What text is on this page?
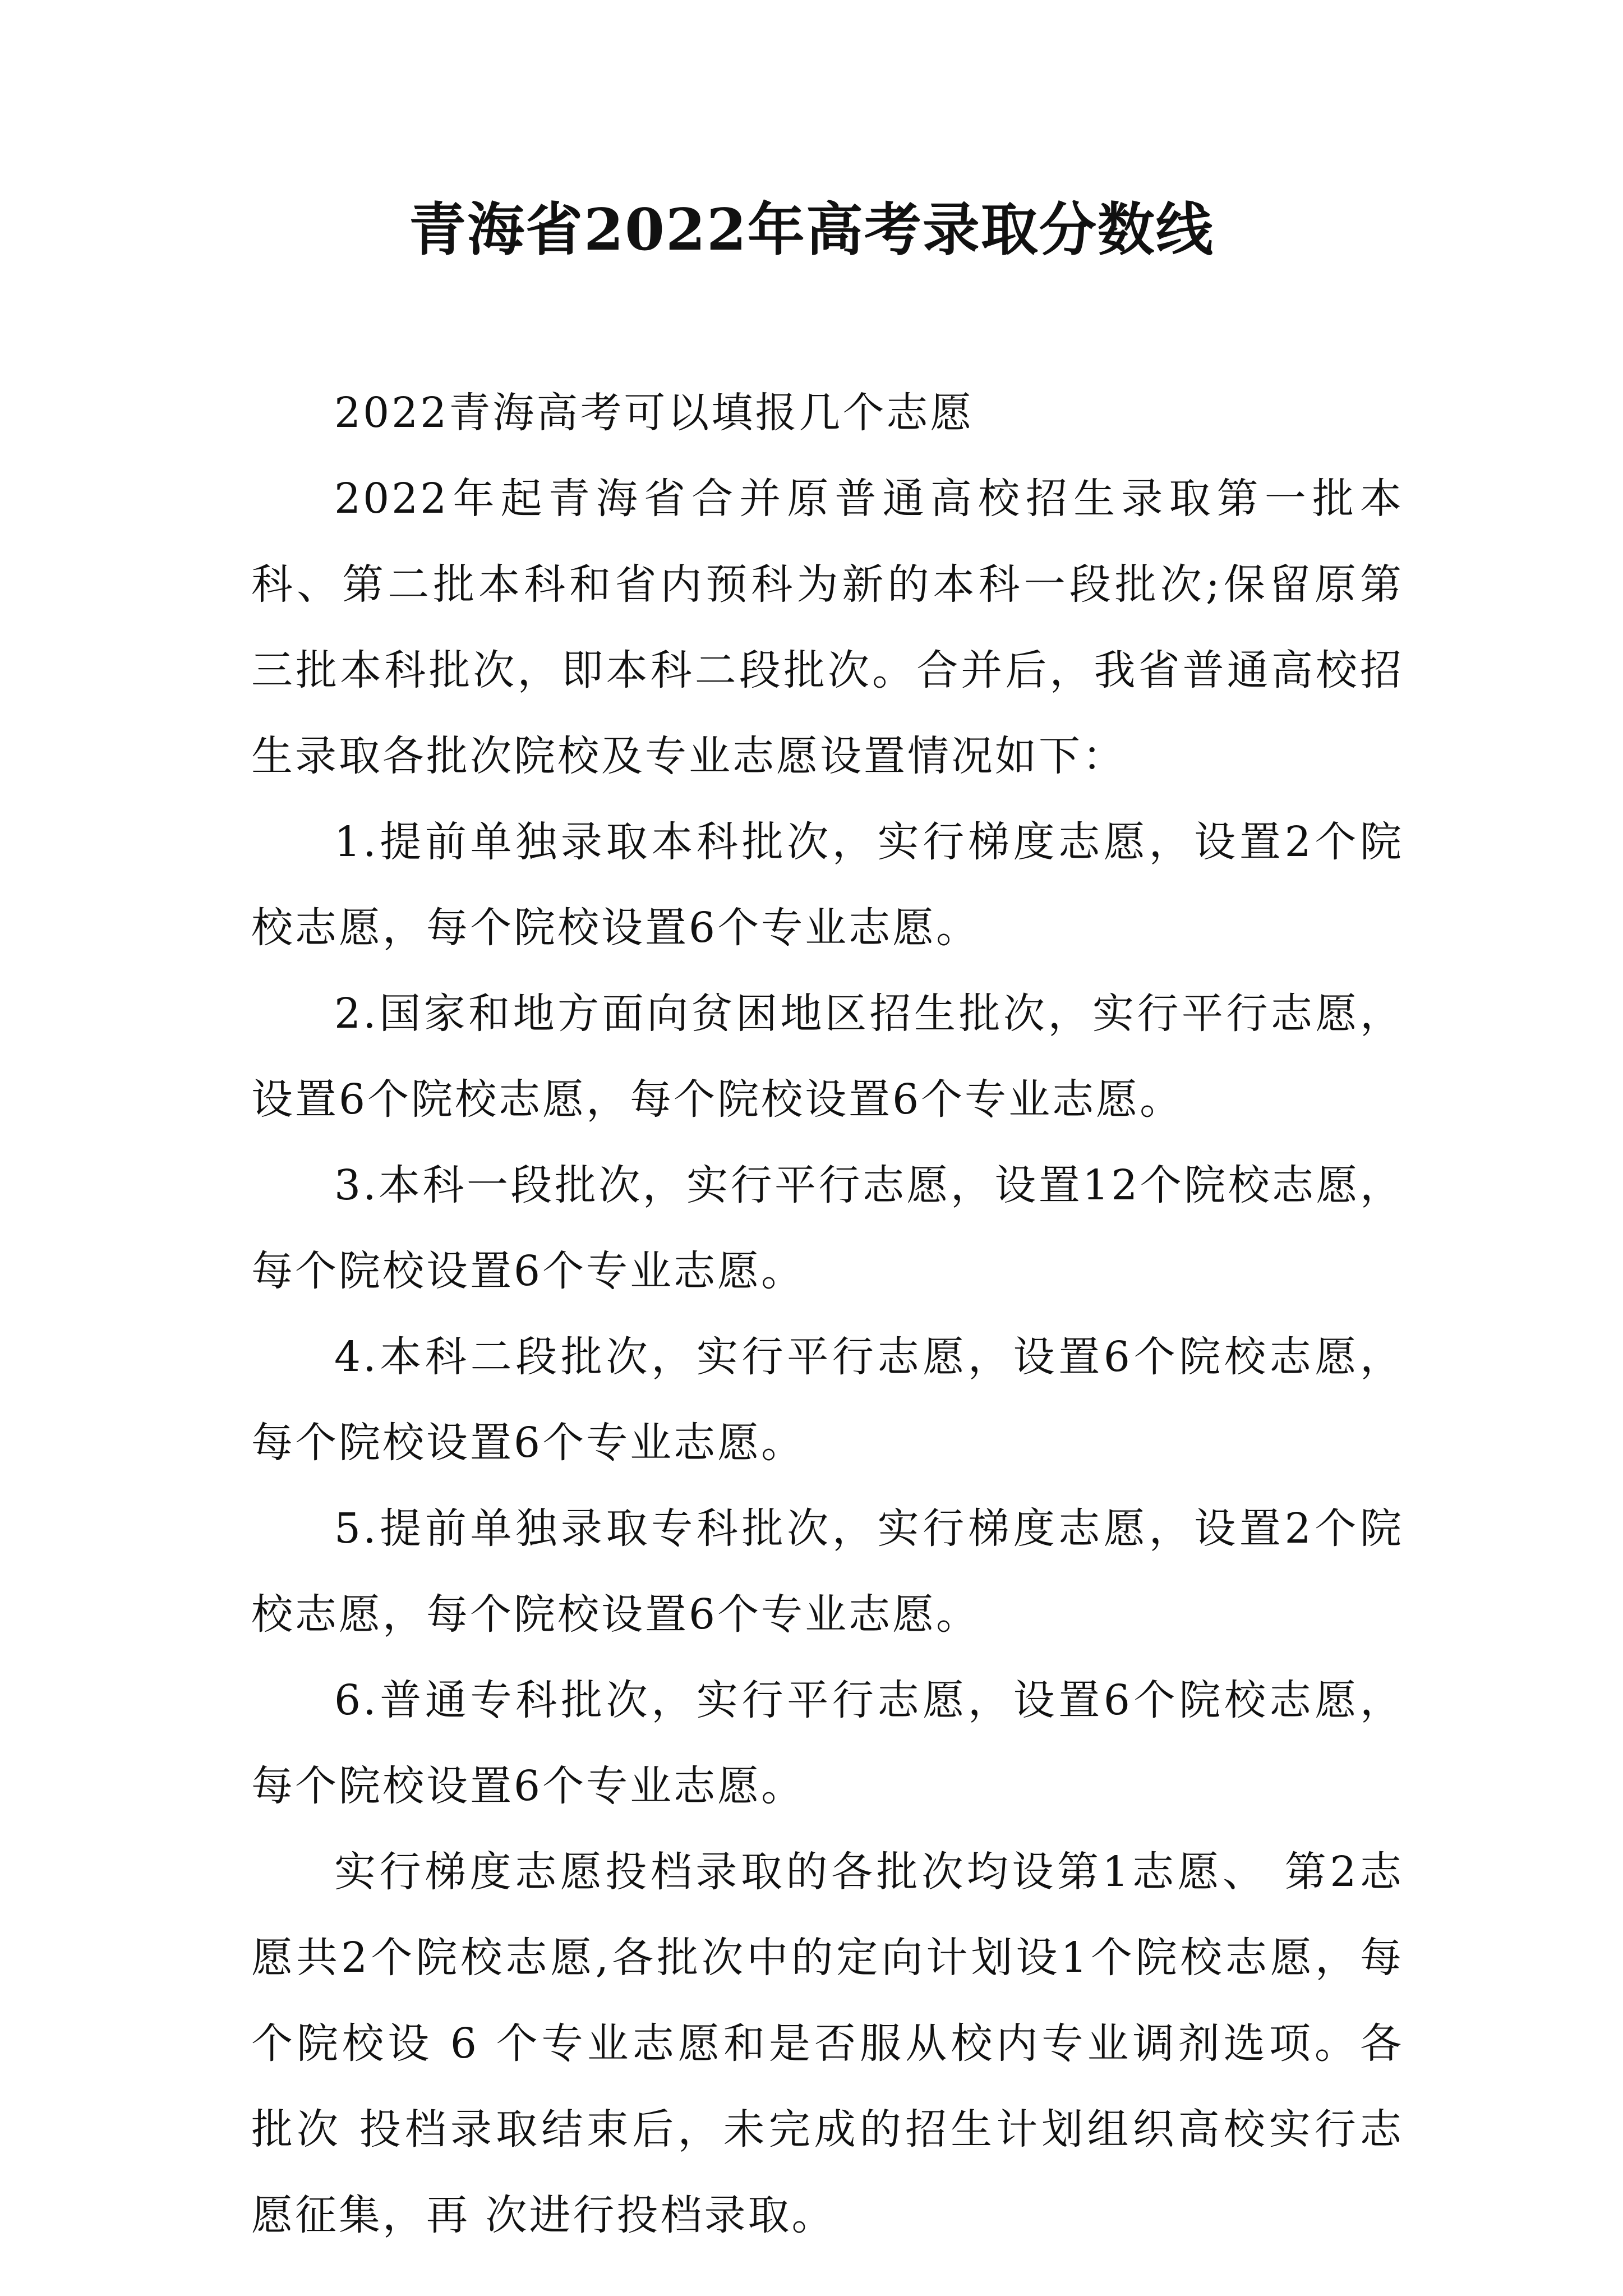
青海省2022年高考录取分数线

2022青海高考可以填报几个志愿

2022年起青海省合并原普通高校招生录取第一批本科、第二批本科和省内预科为新的本科一段批次;保留原第三批本科批次，即本科二段批次。合并后，我省普通高校招生录取各批次院校及专业志愿设置情况如下：

1.提前单独录取本科批次，实行梯度志愿，设置2个院校志愿，每个院校设置6个专业志愿。

2.国家和地方面向贫困地区招生批次，实行平行志愿，设置6个院校志愿，每个院校设置6个专业志愿。

3.本科一段批次，实行平行志愿，设置12个院校志愿，每个院校设置6个专业志愿。

4.本科二段批次，实行平行志愿，设置6个院校志愿，每个院校设置6个专业志愿。

5.提前单独录取专科批次，实行梯度志愿，设置2个院校志愿，每个院校设置6个专业志愿。

6.普通专科批次，实行平行志愿，设置6个院校志愿，每个院校设置6个专业志愿。

实行梯度志愿投档录取的各批次均设第1志愿、 第2志愿共2个院校志愿,各批次中的定向计划设1个院校志愿，每个院校设 6 个专业志愿和是否服从校内专业调剂选项。各批次 投档录取结束后，未完成的招生计划组织高校实行志愿征集，再 次进行投档录取。
